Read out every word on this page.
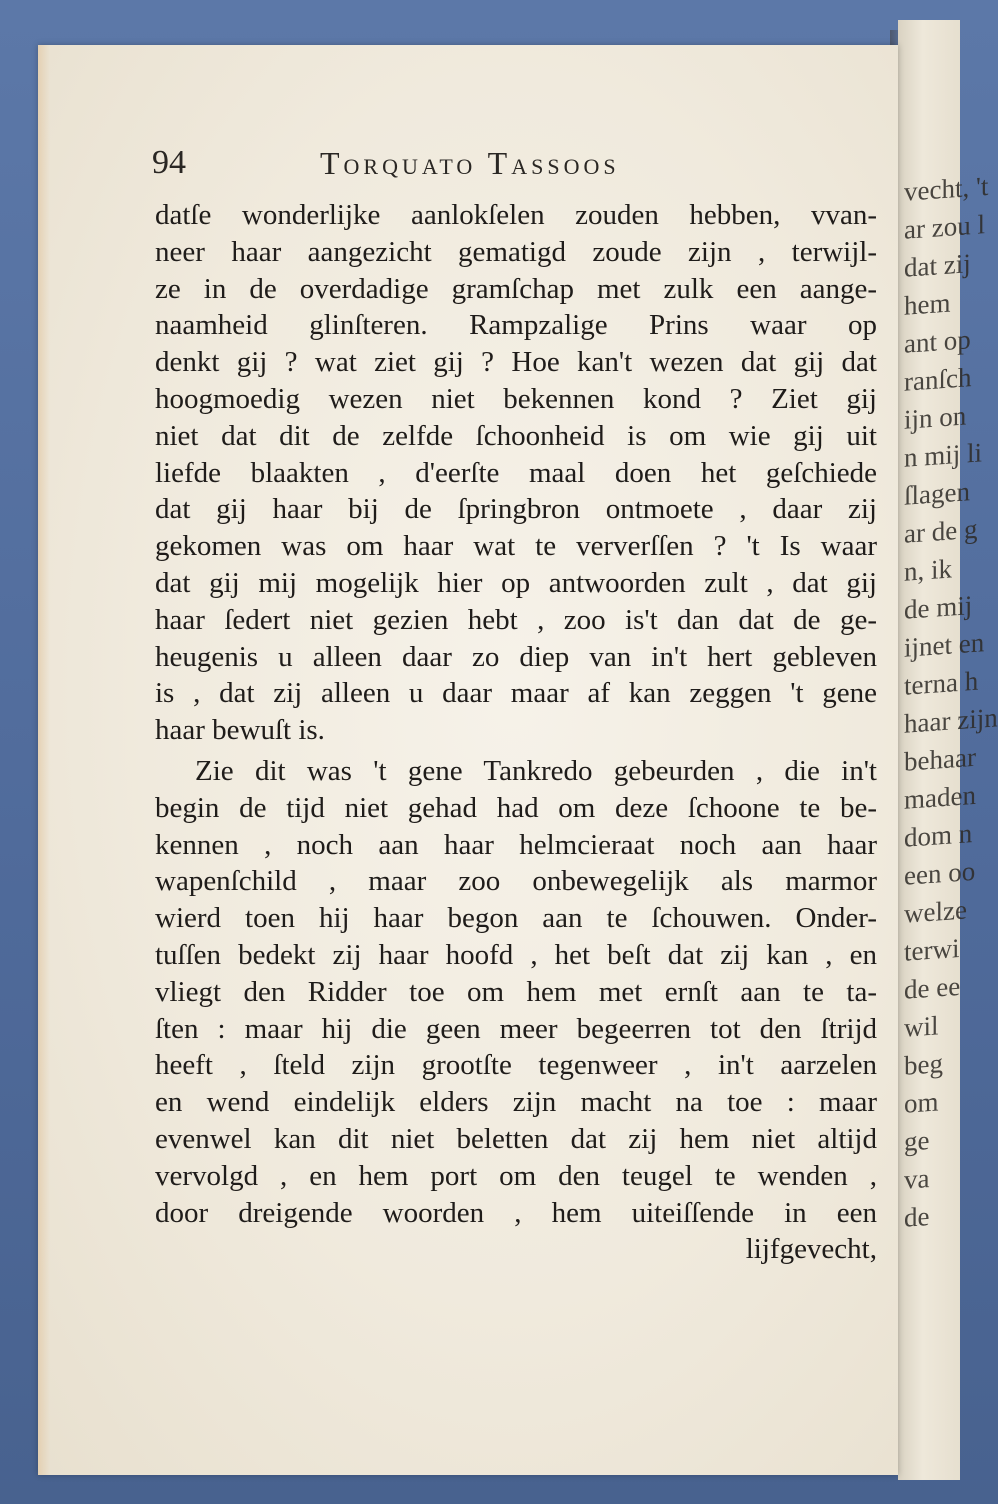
vecht, 't
ar zou l
dat zij
hem
ant op
ranſch
ijn on
n mij li
ſlagen
ar de g
n, ik
de mij
ijnet en
terna h
haar zijn
behaar
maden
dom n
een oo
welze
terwi
de ee
wil
beg
om
ge
va
de
94	Torquato Tassoos
datſe wonderlijke aanlokſelen zouden hebben, vvan-
neer haar aangezicht gematigd zoude zijn , terwijl-
ze in de overdadige gramſchap met zulk een aange-
naamheid glinſteren. Rampzalige Prins waar op
denkt gij ? wat ziet gij ? Hoe kan't wezen dat gij dat
hoogmoedig wezen niet bekennen kond ? Ziet gij
niet dat dit de zelfde ſchoonheid is om wie gij uit
liefde blaakten , d'eerſte maal doen het geſchiede
dat gij haar bij de ſpringbron ontmoete , daar zij
gekomen was om haar wat te ververſſen ? 't Is waar
dat gij mij mogelijk hier op antwoorden zult , dat gij
haar ſedert niet gezien hebt , zoo is't dan dat de ge-
heugenis u alleen daar zo diep van in't hert gebleven
is , dat zij alleen u daar maar af kan zeggen 't gene
haar bewuſt is.
Zie dit was 't gene Tankredo gebeurden , die in't
begin de tijd niet gehad had om deze ſchoone te be-
kennen , noch aan haar helmcieraat noch aan haar
wapenſchild , maar zoo onbewegelijk als marmor
wierd toen hij haar begon aan te ſchouwen. Onder-
tuſſen bedekt zij haar hoofd , het beſt dat zij kan , en
vliegt den Ridder toe om hem met ernſt aan te ta-
ſten : maar hij die geen meer begeerren tot den ſtrijd
heeft , ſteld zijn grootſte tegenweer , in't aarzelen
en wend eindelijk elders zijn macht na toe : maar
evenwel kan dit niet beletten dat zij hem niet altijd
vervolgd , en hem port om den teugel te wenden ,
door dreigende woorden , hem uiteiſſende in een
lijfgevecht,
